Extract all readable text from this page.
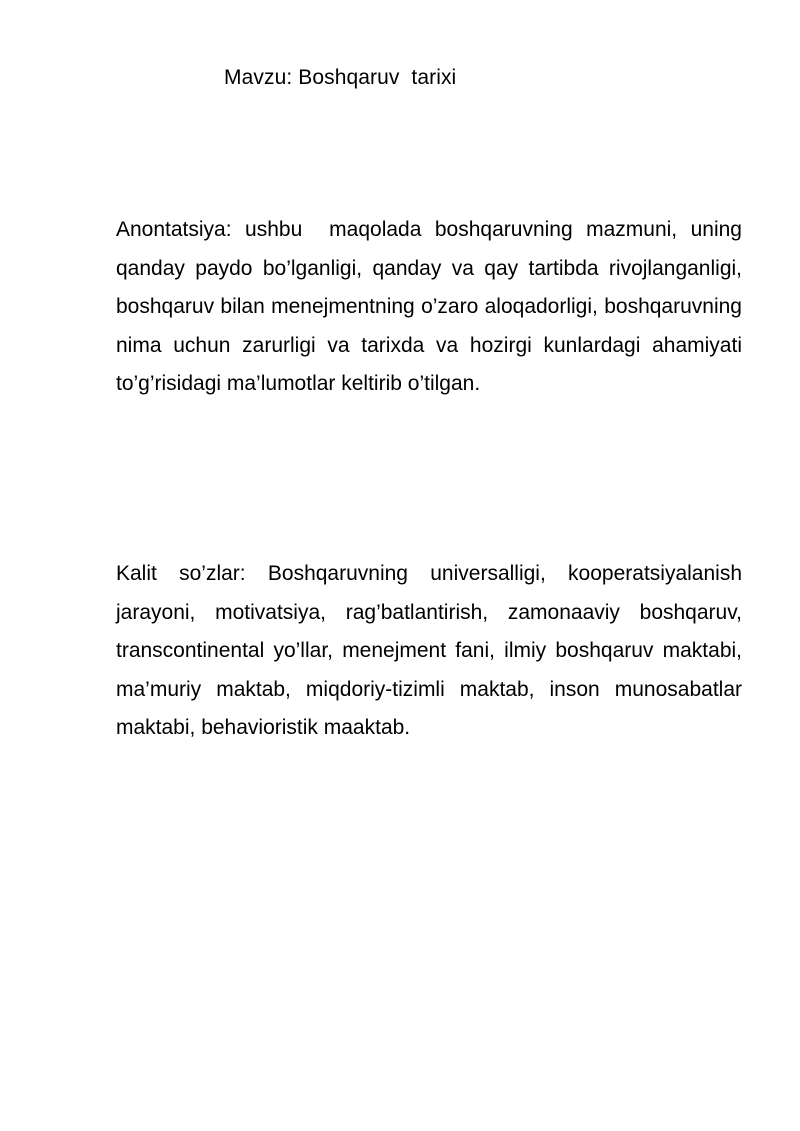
Mavzu: Boshqaruv  tarixi

Anontatsiya: ushbu  maqolada boshqaruvning mazmuni, uning qanday paydo bo’lganligi, qanday va qay tartibda rivojlanganligi, boshqaruv bilan menejmentning o’zaro aloqadorligi, boshqaruvning nima uchun zarurligi va tarixda va hozirgi kunlardagi ahamiyati to’g’risidagi ma’lumotlar keltirib o’tilgan.

Kalit so’zlar: Boshqaruvning universalligi, kooperatsiyalanish jarayoni, motivatsiya, rag’batlantirish, zamonaaviy boshqaruv, transcontinental yo’llar, menejment fani, ilmiy boshqaruv maktabi, ma’muriy maktab, miqdoriy-tizimli maktab, inson munosabatlar maktabi, behavioristik maaktab.
